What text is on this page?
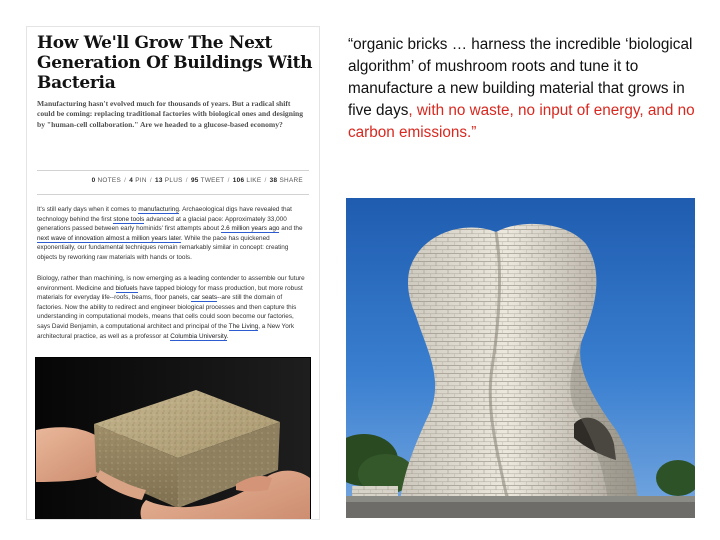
How We'll Grow The Next Generation Of Buildings With Bacteria

Manufacturing hasn't evolved much for thousands of years. But a radical shift could be coming: replacing traditional factories with biological ones and designing by "human-cell collaboration." Are we headed to a glucose-based economy?

0 NOTES / 4 PIN / 13 PLUS / 95 TWEET / 106 LIKE / 38 SHARE

It's still early days when it comes to manufacturing. Archaeological digs have revealed that technology behind the first stone tools advanced at a glacial pace: Approximately 33,000 generations passed between early hominids' first attempts about 2.6 million years ago and the next wave of innovation almost a million years later. While the pace has quickened exponentially, our fundamental techniques remain remarkably similar in concept: creating objects by reworking raw materials with hands or tools.

Biology, rather than machining, is now emerging as a leading contender to assemble our future environment. Medicine and biofuels have tapped biology for mass production, but more robust materials for everyday life--roofs, beams, floor panels, car seats--are still the domain of factories. Now the ability to redirect and engineer biological processes and then capture this understanding in computational models, means that cells could soon become our factories, says David Benjamin, a computational architect and principal of the The Living, a New York architectural practice, as well as a professor at Columbia University.

“organic bricks … harness the incredible ‘biological algorithm’ of mushroom roots and tune it to manufacture a new building material that grows in five days, with no waste, no input of energy, and no carbon emissions.”
